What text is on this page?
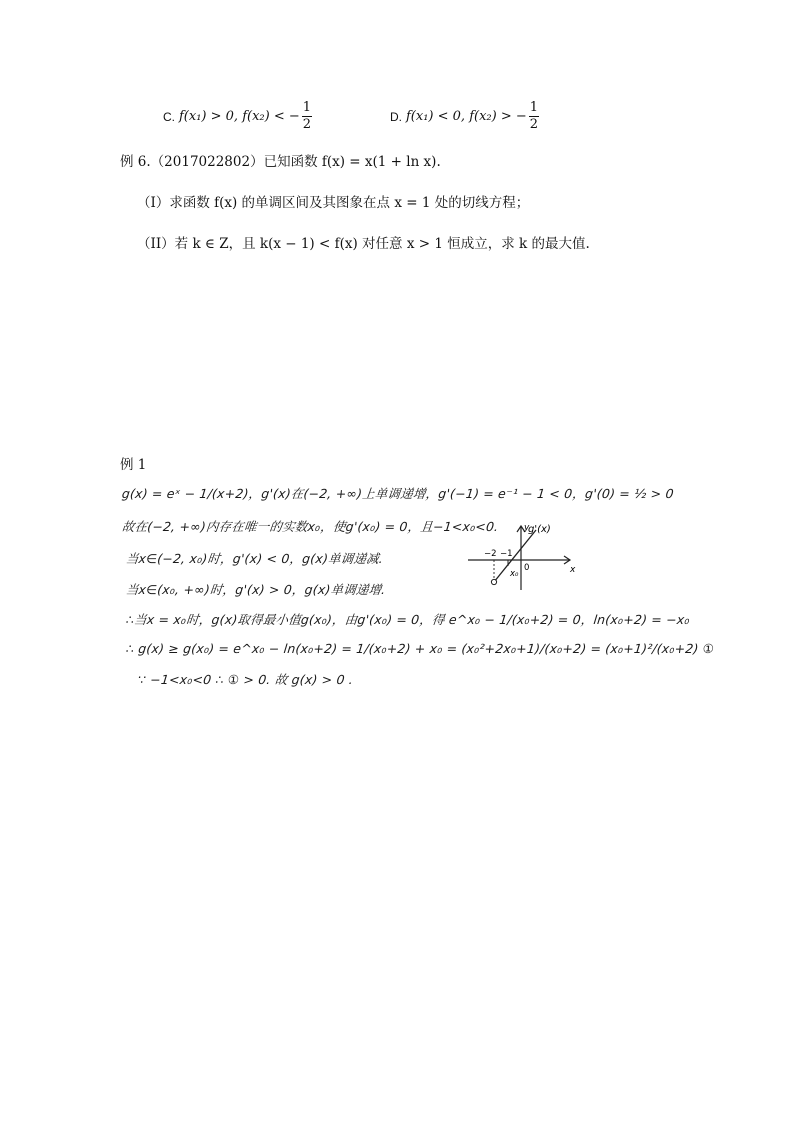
C. f(x₁) > 0, f(x₂) < − $\frac{1}{2}$	D. f(x₁) < 0, f(x₂) > − $\frac{1}{2}$
例 6.（2017022802）已知函数 f(x) = x(1 + ln x).
（I）求函数 f(x) 的单调区间及其图象在点 x = 1 处的切线方程；
（II）若 k ∈ Z，且 k(x − 1) < f(x) 对任意 x > 1 恒成立，求 k 的最大值.
例 1
g(x) = eˣ − 1/(x+2)，g'(x)在(−2, +∞)上单调递增，g'(−1) = e⁻¹ − 1 < 0，g'(0) = ½ > 0
故在(−2, +∞)内存在唯一的实数x₀，使g'(x₀) = 0，且−1<x₀<0.
当x∈(−2, x₀)时，g'(x) < 0，g(x)单调递减.
当x∈(x₀, +∞)时，g'(x) > 0，g(x)单调递增.
∴当x = x₀时，g(x)取得最小值g(x₀)，由g'(x₀) = 0，得 e^x₀ − 1/(x₀+2) = 0，ln(x₀+2) = −x₀
∴ g(x) ≥ g(x₀) = e^x₀ − ln(x₀+2) = 1/(x₀+2) + x₀ = (x₀²+2x₀+1)/(x₀+2) = (x₀+1)²/(x₀+2) ①
∵ −1<x₀<0 ∴ ① > 0. 故 g(x) > 0 .
g'(x)
y
x
−2 −1
0
x₀
